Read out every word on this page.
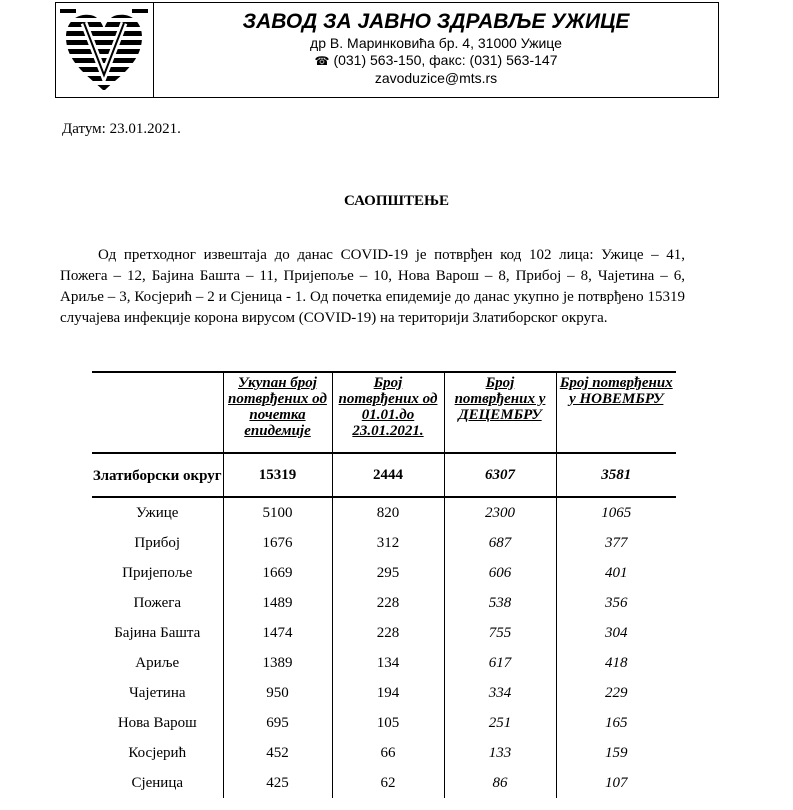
ЗАВОД ЗА ЈАВНО ЗДРАВЉЕ УЖИЦЕ
др В. Маринковића бр. 4, 31000 Ужице
☎ (031) 563-150, факс: (031) 563-147
zavoduzice@mts.rs
Датум: 23.01.2021.
САОПШТЕЊЕ

Од претходног извештаја до данас COVID-19 је потврђен код 102 лица: Ужице – 41, Пожега – 12, Бајина Башта – 11, Пријепоље – 10, Нова Варош – 8, Прибој – 8, Чајетина – 6, Ариље – 3, Косјерић – 2 и Сјеница - 1. Од почетка епидемије до данас укупно је потврђено 15319 случајева инфекције корона вирусом (COVID-19) на територији Златиборског округа.

	Укупан број потврђених од почетка епидемије	Број потврђених од 01.01.до 23.01.2021.	Број потврђених у ДЕЦЕМБРУ	Број потврђених у НОВЕМБРУ
Златиборски округ	15319	2444	6307	3581
Ужице	5100	820	2300	1065
Прибој	1676	312	687	377
Пријепоље	1669	295	606	401
Пожега	1489	228	538	356
Бајина Башта	1474	228	755	304
Ариље	1389	134	617	418
Чајетина	950	194	334	229
Нова Варош	695	105	251	165
Косјерић	452	66	133	159
Сјеница	425	62	86	107
